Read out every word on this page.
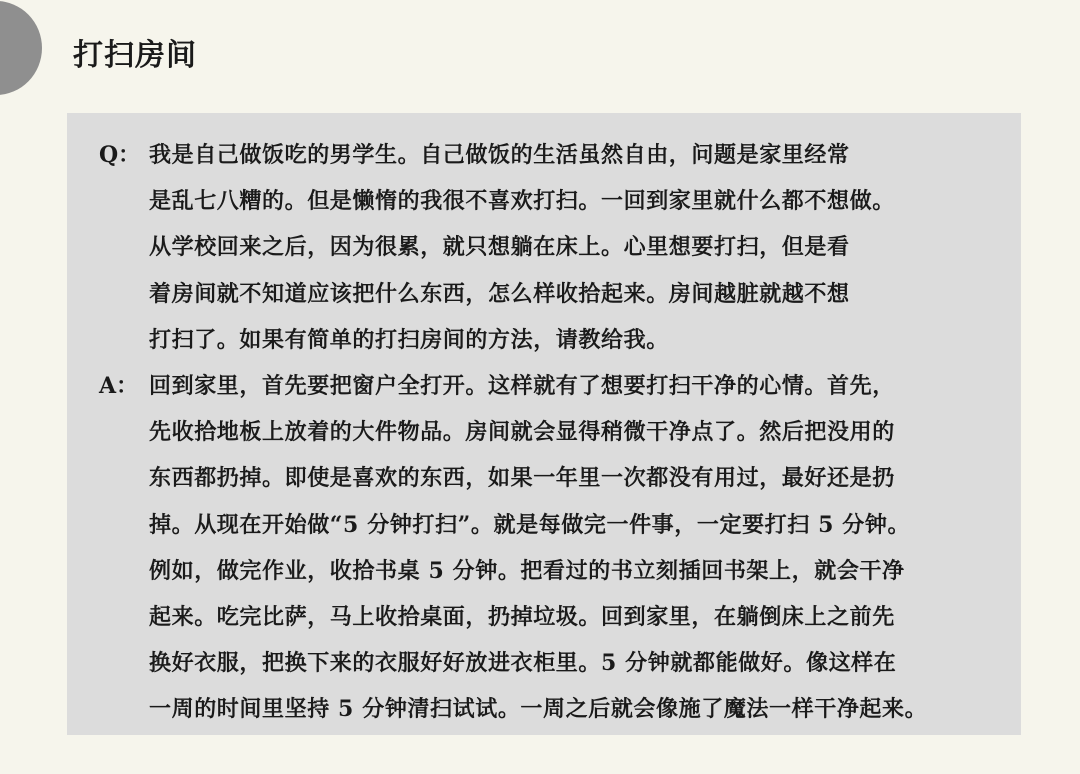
打扫房间
Q： 我是自己做饭吃的男学生。自己做饭的生活虽然自由，问题是家里经常
是乱七八糟的。但是懒惰的我很不喜欢打扫。一回到家里就什么都不想做。
从学校回来之后，因为很累，就只想躺在床上。心里想要打扫，但是看
着房间就不知道应该把什么东西，怎么样收拾起来。房间越脏就越不想
打扫了。如果有简单的打扫房间的方法，请教给我。
A： 回到家里，首先要把窗户全打开。这样就有了想要打扫干净的心情。首先，
先收拾地板上放着的大件物品。房间就会显得稍微干净点了。然后把没用的
东西都扔掉。即使是喜欢的东西，如果一年里一次都没有用过，最好还是扔
掉。从现在开始做“5 分钟打扫”。就是每做完一件事，一定要打扫 5 分钟。
例如，做完作业，收拾书桌 5 分钟。把看过的书立刻插回书架上，就会干净
起来。吃完比萨，马上收拾桌面，扔掉垃圾。回到家里，在躺倒床上之前先
换好衣服，把换下来的衣服好好放进衣柜里。5 分钟就都能做好。像这样在
一周的时间里坚持 5 分钟清扫试试。一周之后就会像施了魔法一样干净起来。
